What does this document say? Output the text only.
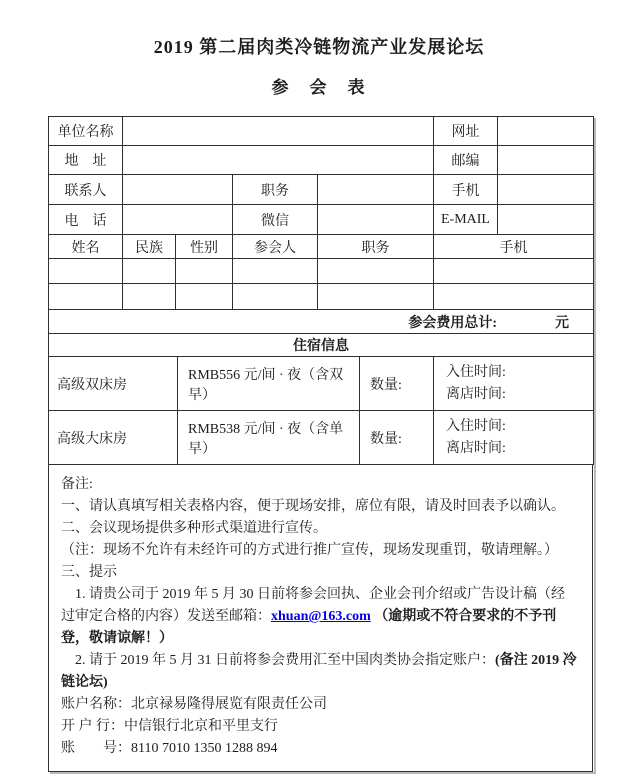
2019 第二届肉类冷链物流产业发展论坛
参　会　表
单位名称					网址	
地　址					邮编	
联系人			职务		手机	
电　话			微信		E-MAIL	
姓名	民族	性别	参会人	职务	手机	

参会费用总计: 元						

住宿信息						
高级双床房	RMB556 元/间 · 夜（含双早）	数量:	入住时间:
离店时间:

高级大床房	RMB538 元/间 · 夜（含单早）	数量:	入住时间:
离店时间:

备注:

一、请认真填写相关表格内容，便于现场安排，席位有限，请及时回表予以确认。

二、会议现场提供多种形式渠道进行宣传。

（注：现场不允许有未经许可的方式进行推广宣传，现场发现重罚，敬请理解。）

三、提示

1. 请贵公司于 2019 年 5 月 30 日前将参会回执、企业会刊介绍或广告设计稿（经过审定合格的内容）发送至邮箱：xhuan@163.com （逾期或不符合要求的不予刊登，敬请谅解！）

2. 请于 2019 年 5 月 31 日前将参会费用汇至中国肉类协会指定账户：(备注 2019 冷链论坛)

账户名称：北京禄易隆得展览有限责任公司

开 户 行：中信银行北京和平里支行

账　　号：8110 7010 1350 1288 894
